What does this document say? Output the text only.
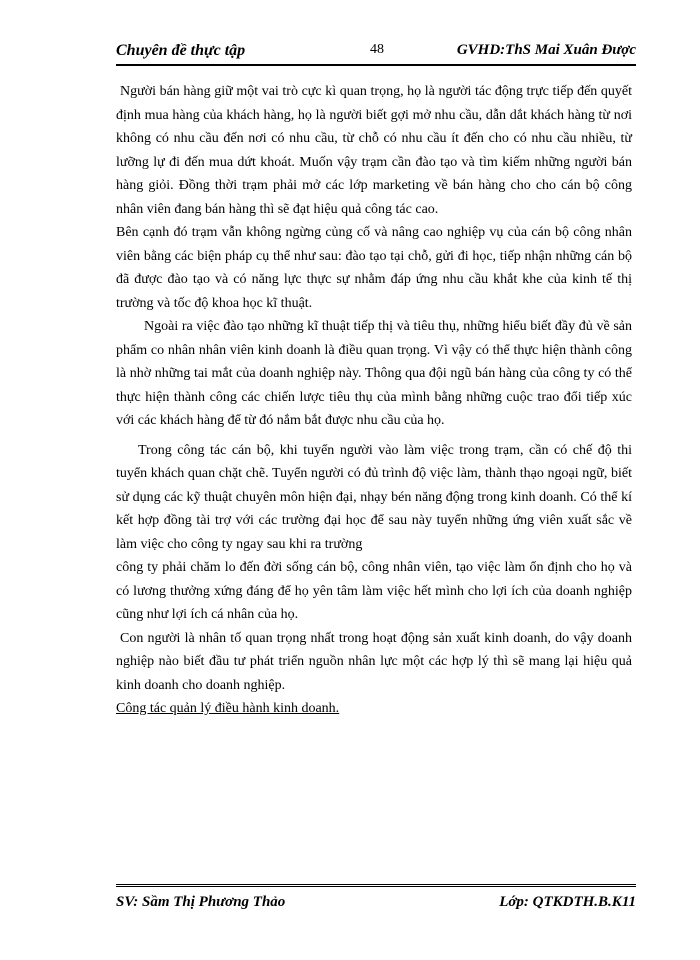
Chuyên đề thực tập	48	GVHD:ThS Mai Xuân Được

Người bán hàng giữ một vai trò cực kì quan trọng, họ là người tác động trực tiếp đến quyết định mua hàng của khách hàng, họ là người biết gợi mở nhu cầu, dẫn dắt khách hàng từ nơi không có nhu cầu đến nơi có nhu cầu, từ chỗ có nhu cầu ít đến cho có nhu cầu nhiều, từ lưỡng lự đi đến mua dứt khoát. Muốn vậy trạm cần đào tạo và tìm kiếm những người bán hàng giỏi. Đồng thời trạm phải mở các lớp marketing về bán hàng cho cho cán bộ công nhân viên đang bán hàng thì sẽ đạt hiệu quả công tác cao.

Bên cạnh đó trạm vẫn không ngừng củng cố và nâng cao nghiệp vụ của cán bộ công nhân viên bằng các biện pháp cụ thể như sau: đào tạo tại chỗ, gửi đi học, tiếp nhận những cán bộ đã được đào tạo và có năng lực thực sự nhằm đáp ứng nhu cầu khắt khe của kinh tế thị trường và tốc độ khoa học kĩ thuật.

Ngoài ra việc đào tạo những kĩ thuật tiếp thị và tiêu thụ, những hiểu biết đầy đủ về sản phẩm co nhân nhân viên kinh doanh là điều quan trọng. Vì vậy có thể thực hiện thành công là nhờ những tai mắt của doanh nghiệp này. Thông qua đội ngũ bán hàng của công ty có thể thực hiện thành công các chiến lược tiêu thụ của mình bằng những cuộc trao đổi tiếp xúc với các khách hàng để từ đó nắm bắt được nhu cầu của họ.

Trong công tác cán bộ, khi tuyển người vào làm việc trong trạm, cần có chế độ thi tuyển khách quan chặt chẽ. Tuyển người có đủ trình độ việc làm, thành thạo ngoại ngữ, biết sử dụng các kỹ thuật chuyên môn hiện đại, nhạy bén năng động trong kinh doanh. Có thể kí kết hợp đồng tài trợ với các trường đại học để sau này tuyển những ứng viên xuất sắc về làm việc cho công ty ngay sau khi ra trường

công ty phải chăm lo đến đời sống cán bộ, công nhân viên, tạo việc làm ổn định cho họ và có lương thưởng xứng đáng để họ yên tâm làm việc hết mình cho lợi ích của doanh nghiệp cũng như lợi ích cá nhân của họ.

Con người là nhân tố quan trọng nhất trong hoạt động sản xuất kinh doanh, do vậy doanh nghiệp nào biết đầu tư phát triển nguồn nhân lực một các hợp lý thì sẽ mang lại hiệu quả kinh doanh cho doanh nghiệp.

Công tác quản lý điều hành kinh doanh.

SV: Sầm Thị Phương Thảo	Lớp: QTKDTH.B.K11
